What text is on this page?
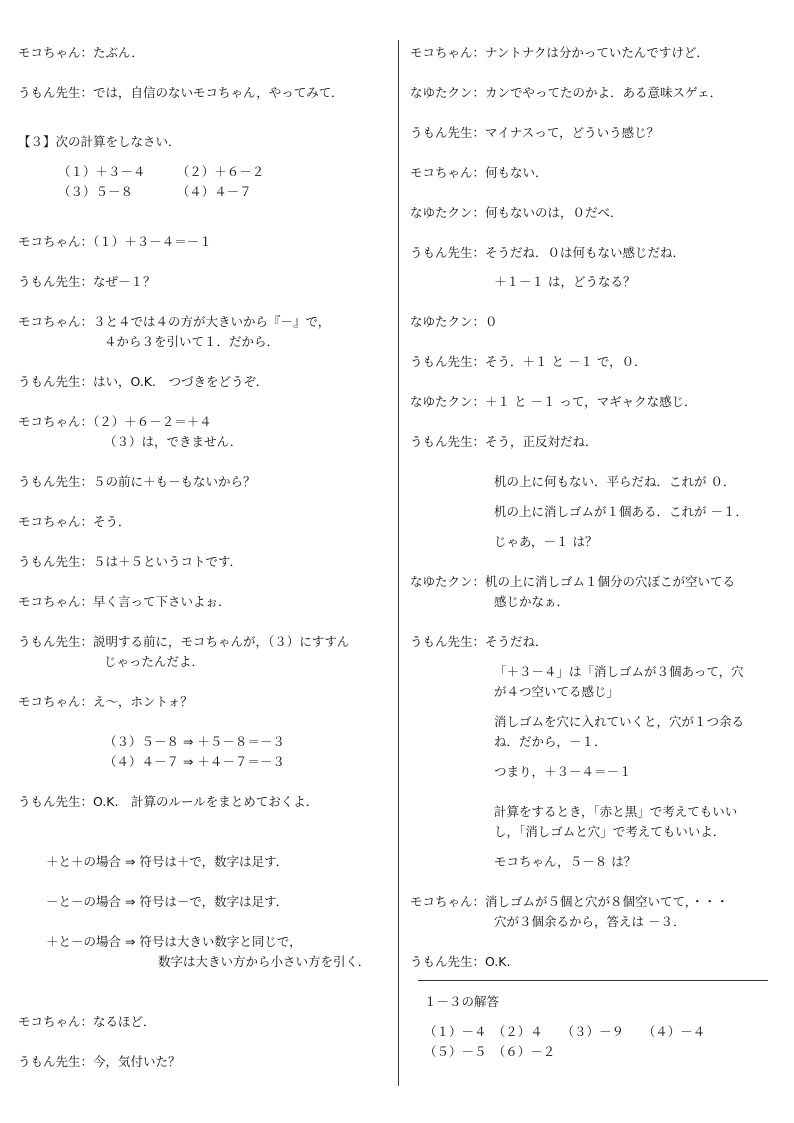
モコちゃん：たぶん．
うもん先生：では，自信のないモコちゃん，やってみて．
【３】次の計算をしなさい．
（１）＋３－４　　　（２）＋６－２
（３）５－８　　　　（４）４－７
モコちゃん：（１）＋３－４＝－１
うもん先生：なぜ－１？
モコちゃん：３と４では４の方が大きいから『－』で，
４から３を引いて１．だから．
うもん先生：はい，O.K.　つづきをどうぞ．
モコちゃん：（２）＋６－２＝＋４
（３）は，できません．
うもん先生：５の前に＋も－もないから？
モコちゃん：そう．
うもん先生：５は＋５というコトです．
モコちゃん：早く言って下さいよぉ．
うもん先生：説明する前に，モコちゃんが，（３）にすすん
じゃったんだよ．
モコちゃん：え～，ホントォ？
（３）５－８ ⇒ ＋５－８＝－３
（４）４－７ ⇒ ＋４－７＝－３
うもん先生：O.K.　計算のルールをまとめておくよ．
＋と＋の場合 ⇒ 符号は＋で，数字は足す．
－と－の場合 ⇒ 符号は－で，数字は足す．
＋と－の場合 ⇒ 符号は大きい数字と同じで，
数字は大きい方から小さい方を引く．
モコちゃん：なるほど．
うもん先生：今，気付いた？
モコちゃん：ナントナクは分かっていたんですけど．
なゆたクン：カンでやってたのかよ．ある意味スゲェ．
うもん先生：マイナスって，どういう感じ？
モコちゃん：何もない．
なゆたクン：何もないのは，０だべ．
うもん先生：そうだね．０は何もない感じだね．
＋１－１ は，どうなる？
なゆたクン：０
うもん先生：そう．＋１ と －１ で，０．
なゆたクン：＋１ と －１ って，マギャクな感じ．
うもん先生：そう，正反対だね．
机の上に何もない．平らだね．これが ０．
机の上に消しゴムが１個ある．これが －１．
じゃあ，－１ は？
なゆたクン：机の上に消しゴム１個分の穴ぼこが空いてる
感じかなぁ．
うもん先生：そうだね．
「＋３－４」は「消しゴムが３個あって，穴
が４つ空いてる感じ」
消しゴムを穴に入れていくと，穴が１つ余る
ね．だから，－１．
つまり，＋３－４＝－１
計算をするとき，「赤と黒」で考えてもいい
し，「消しゴムと穴」で考えてもいいよ．
モコちゃん，５－８ は？
モコちゃん：消しゴムが５個と穴が８個空いてて，・・・
穴が３個余るから，答えは －３．
うもん先生：O.K.
１－３の解答
（１）－４　（２）４　　（３）－９　　（４）－４
（５）－５　（６）－２
